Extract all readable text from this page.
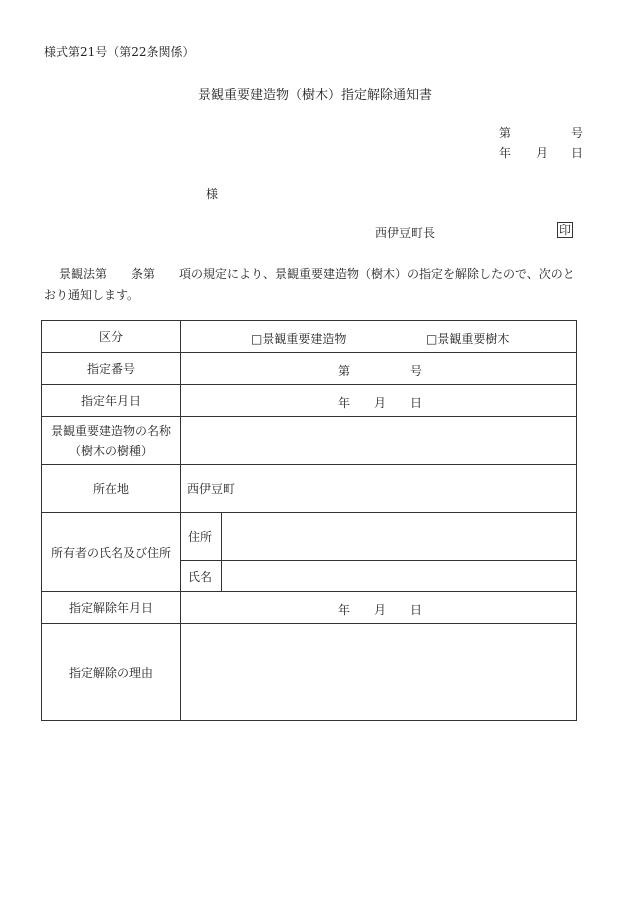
様式第21号（第22条関係）
景観重要建造物（樹木）指定解除通知書
第	号
年 月 日
様
西伊豆町長	印
景観法第 条第 項の規定により、景観重要建造物（樹木）の指定を解除したので、次のと
おり通知します。
区分	□景観重要建造物 □景観重要樹木	

指定番号	第 号	

指定年月日	年 月 日	

景観重要建造物の名称
（樹木の樹種）		

所在地	西伊豆町	
所有者の氏名及び住所	住所	
	氏名	
指定解除年月日	年 月 日	

指定解除の理由		
